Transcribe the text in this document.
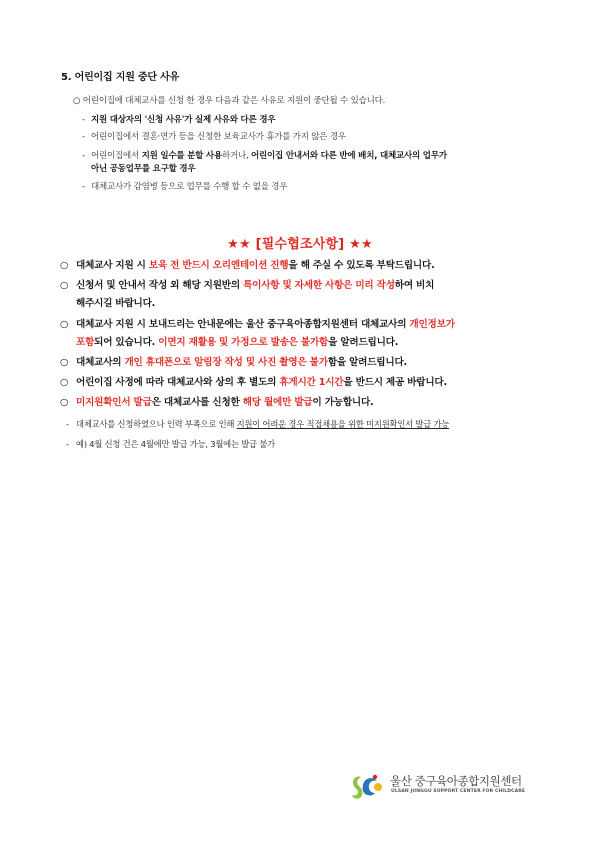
5. 어린이집 지원 중단 사유
○ 어린이집에 대체교사를 신청 한 경우 다음과 같은 사유로 지원이 중단될 수 있습니다.
- 지원 대상자의 '신청 사유'가 실제 사유와 다른 경우
- 어린이집에서 결혼·연가 등을 신청한 보육교사가 휴가를 가지 않은 경우
- 어린이집에서 지원 일수를 분할 사용하거나, 어린이집 안내서와 다른 반에 배치, 대체교사의 업무가
아닌 공동업무를 요구할 경우
- 대체교사가 감염병 등으로 업무를 수행 할 수 없을 경우
★★ [필수협조사항] ★★
○ 대체교사 지원 시 보육 전 반드시 오리엔테이션 진행을 해 주실 수 있도록 부탁드립니다.
○ 신청서 및 안내서 작성 외 해당 지원반의 특이사항 및 자세한 사항은 미리 작성하여 비치
해주시길 바랍니다.
○ 대체교사 지원 시 보내드리는 안내문에는 울산 중구육아종합지원센터 대체교사의 개인정보가
포함되어 있습니다. 이면지 재활용 및 가정으로 발송은 불가함을 알려드립니다.
○ 대체교사의 개인 휴대폰으로 알림장 작성 및 사진 촬영은 불가함을 알려드립니다.
○ 어린이집 사정에 따라 대체교사와 상의 후 별도의 휴게시간 1시간을 반드시 제공 바랍니다.
○ 미지원확인서 발급은 대체교사를 신청한 해당 월에만 발급이 가능합니다.
- 대체교사를 신청하였으나 인력 부족으로 인해 지원이 어려운 경우 직접채용을 위한 미지원확인서 발급 가능
- 예) 4월 신청 건은 4월에만 발급 가능, 3월에는 발급 불가
울산 중구육아종합지원센터
ULSAN JUNGGU SUPPORT CENTER FOR CHILDCARE
